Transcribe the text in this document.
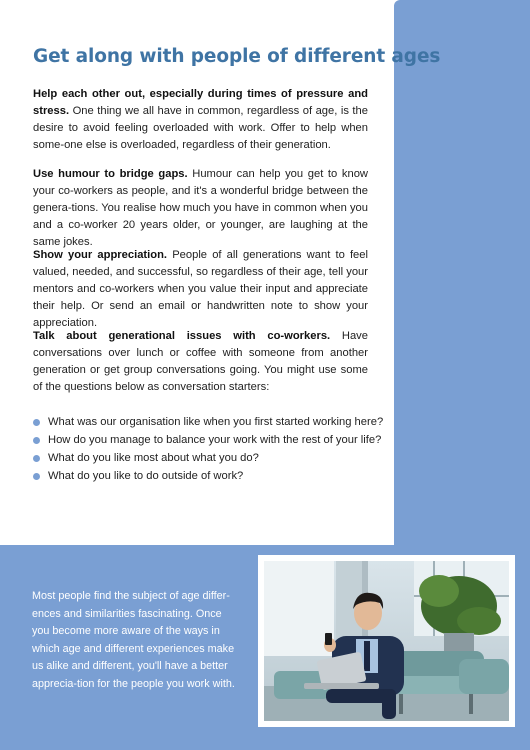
Get along with people of different ages

Help each other out, especially during times of pressure and stress. One thing we all have in common, regardless of age, is the desire to avoid feeling overloaded with work. Offer to help when some-one else is overloaded, regardless of their generation.

Use humour to bridge gaps. Humour can help you get to know your co-workers as people, and it's a wonderful bridge between the genera-tions. You realise how much you have in common when you and a co-worker 20 years older, or younger, are laughing at the same jokes.

Show your appreciation. People of all generations want to feel valued, needed, and successful, so regardless of their age, tell your mentors and co-workers when you value their input and appreciate their help. Or send an email or handwritten note to show your appreciation.

Talk about generational issues with co-workers. Have conversations over lunch or coffee with someone from another generation or get group conversations going. You might use some of the questions below as conversation starters:

What was our organisation like when you first started working here?
How do you manage to balance your work with the rest of your life?
What do you like most about what you do?
What do you like to do outside of work?

Most people find the subject of age differ-ences and similarities fascinating. Once you become more aware of the ways in which age and different experiences make us alike and different, you'll have a better apprecia-tion for the people you work with.
